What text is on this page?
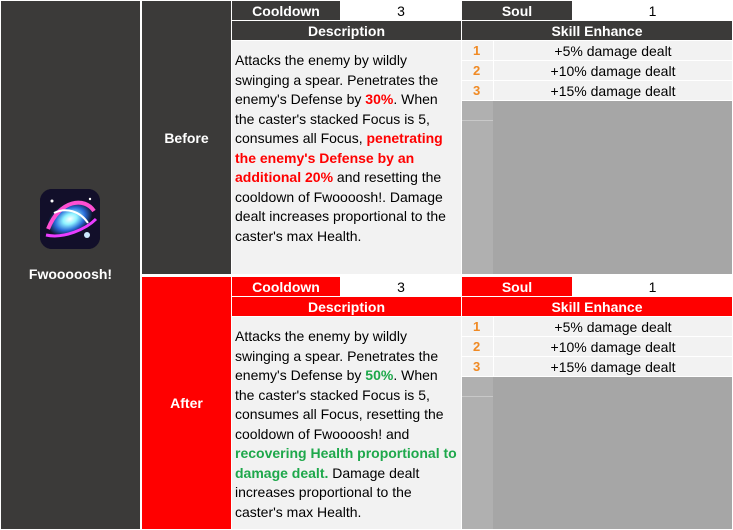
Fwooooosh!
Before
Cooldown	3	Soul	1
Description	Skill Enhance
Attacks the enemy by wildly swinging a spear. Penetrates the enemy's Defense by 30%. When the caster's stacked Focus is 5, consumes all Focus, penetrating the enemy's Defense by an additional 20% and resetting the cooldown of Fwoooosh!. Damage dealt increases proportional to the caster's max Health.
1	+5% damage dealt
2	+10% damage dealt
3	+15% damage dealt
After
Cooldown	3	Soul	1
Description	Skill Enhance
Attacks the enemy by wildly swinging a spear. Penetrates the enemy's Defense by 50%. When the caster's stacked Focus is 5, consumes all Focus, resetting the cooldown of Fwoooosh! and recovering Health proportional to damage dealt. Damage dealt increases proportional to the caster's max Health.
1	+5% damage dealt
2	+10% damage dealt
3	+15% damage dealt
